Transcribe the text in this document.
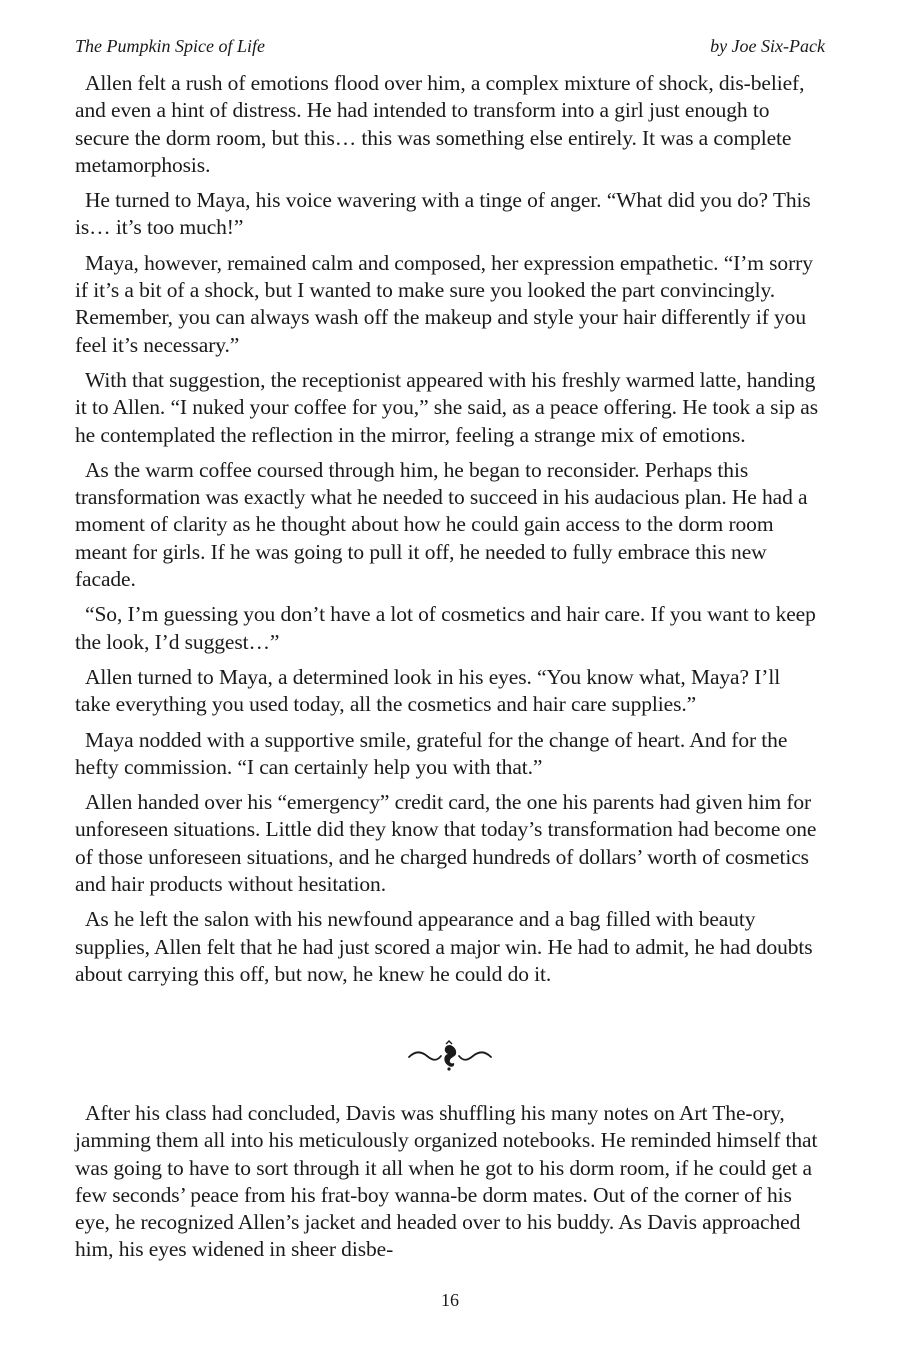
The Pumpkin Spice of Life	by Joe Six-Pack

Allen felt a rush of emotions flood over him, a complex mixture of shock, dis-belief, and even a hint of distress. He had intended to transform into a girl just enough to secure the dorm room, but this… this was something else entirely. It was a complete metamorphosis.

He turned to Maya, his voice wavering with a tinge of anger. “What did you do? This is… it’s too much!”

Maya, however, remained calm and composed, her expression empathetic. “I’m sorry if it’s a bit of a shock, but I wanted to make sure you looked the part convincingly. Remember, you can always wash off the makeup and style your hair differently if you feel it’s necessary.”

With that suggestion, the receptionist appeared with his freshly warmed latte, handing it to Allen. “I nuked your coffee for you,” she said, as a peace offering. He took a sip as he contemplated the reflection in the mirror, feeling a strange mix of emotions.

As the warm coffee coursed through him, he began to reconsider. Perhaps this transformation was exactly what he needed to succeed in his audacious plan. He had a moment of clarity as he thought about how he could gain access to the dorm room meant for girls. If he was going to pull it off, he needed to fully embrace this new facade.

“So, I’m guessing you don’t have a lot of cosmetics and hair care. If you want to keep the look, I’d suggest…”

Allen turned to Maya, a determined look in his eyes. “You know what, Maya? I’ll take everything you used today, all the cosmetics and hair care supplies.”

Maya nodded with a supportive smile, grateful for the change of heart. And for the hefty commission. “I can certainly help you with that.”

Allen handed over his “emergency” credit card, the one his parents had given him for unforeseen situations. Little did they know that today’s transformation had become one of those unforeseen situations, and he charged hundreds of dollars’ worth of cosmetics and hair products without hesitation.

As he left the salon with his newfound appearance and a bag filled with beauty supplies, Allen felt that he had just scored a major win. He had to admit, he had doubts about carrying this off, but now, he knew he could do it.

After his class had concluded, Davis was shuffling his many notes on Art The-ory, jamming them all into his meticulously organized notebooks. He reminded himself that was going to have to sort through it all when he got to his dorm room, if he could get a few seconds’ peace from his frat-boy wanna-be dorm mates. Out of the corner of his eye, he recognized Allen’s jacket and headed over to his buddy. As Davis approached him, his eyes widened in sheer disbe-

16
